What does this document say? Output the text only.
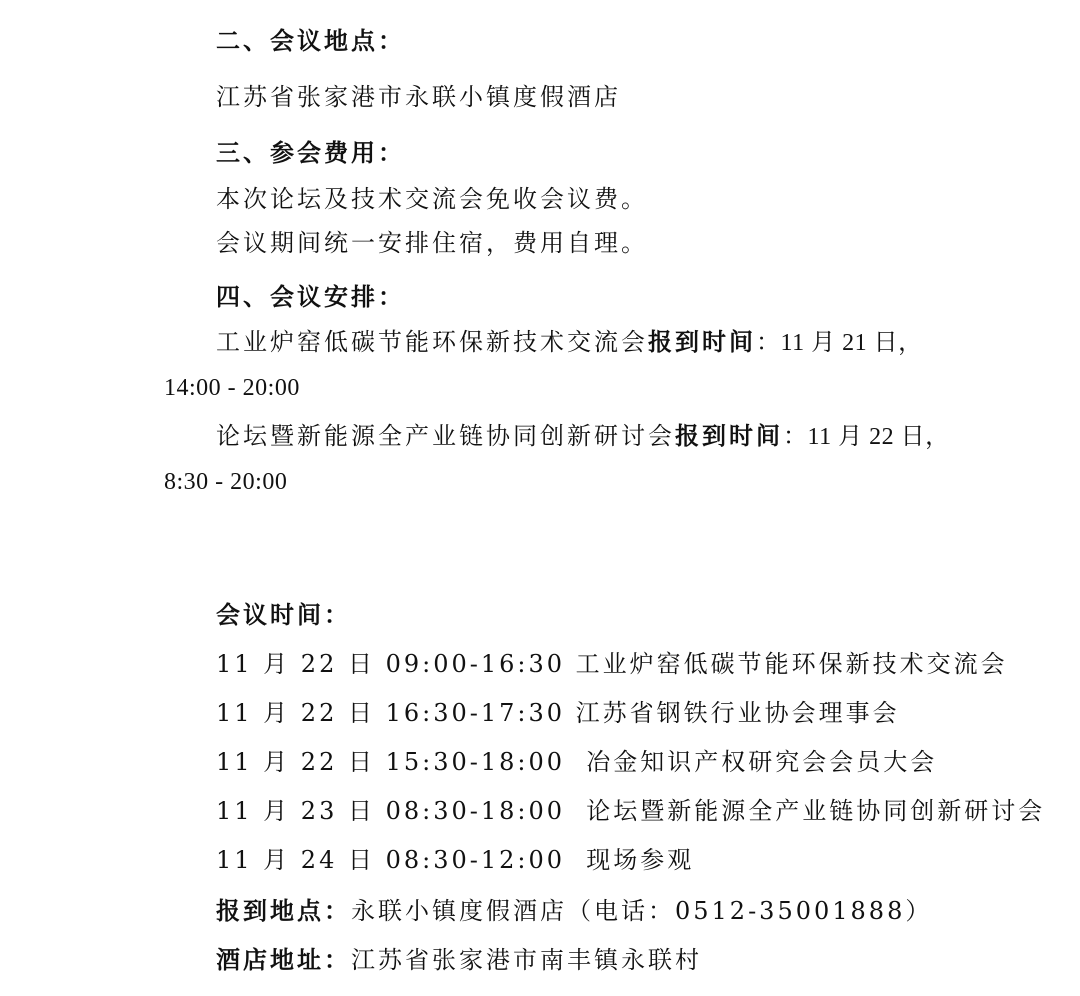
二、会议地点：
江苏省张家港市永联小镇度假酒店
三、参会费用：
本次论坛及技术交流会免收会议费。
会议期间统一安排住宿，费用自理。
四、会议安排：
工业炉窑低碳节能环保新技术交流会报到时间：11 月 21 日，
14:00 - 20:00
论坛暨新能源全产业链协同创新研讨会报到时间：11 月 22 日，
8:30 - 20:00
会议时间：
11 月 22 日 09:00-16:30 工业炉窑低碳节能环保新技术交流会
11 月 22 日 16:30-17:30 江苏省钢铁行业协会理事会
11 月 22 日 15:30-18:00  冶金知识产权研究会会员大会
11 月 23 日 08:30-18:00  论坛暨新能源全产业链协同创新研讨会
11 月 24 日 08:30-12:00  现场参观
报到地点：永联小镇度假酒店（电话：0512-35001888）
酒店地址：江苏省张家港市南丰镇永联村
